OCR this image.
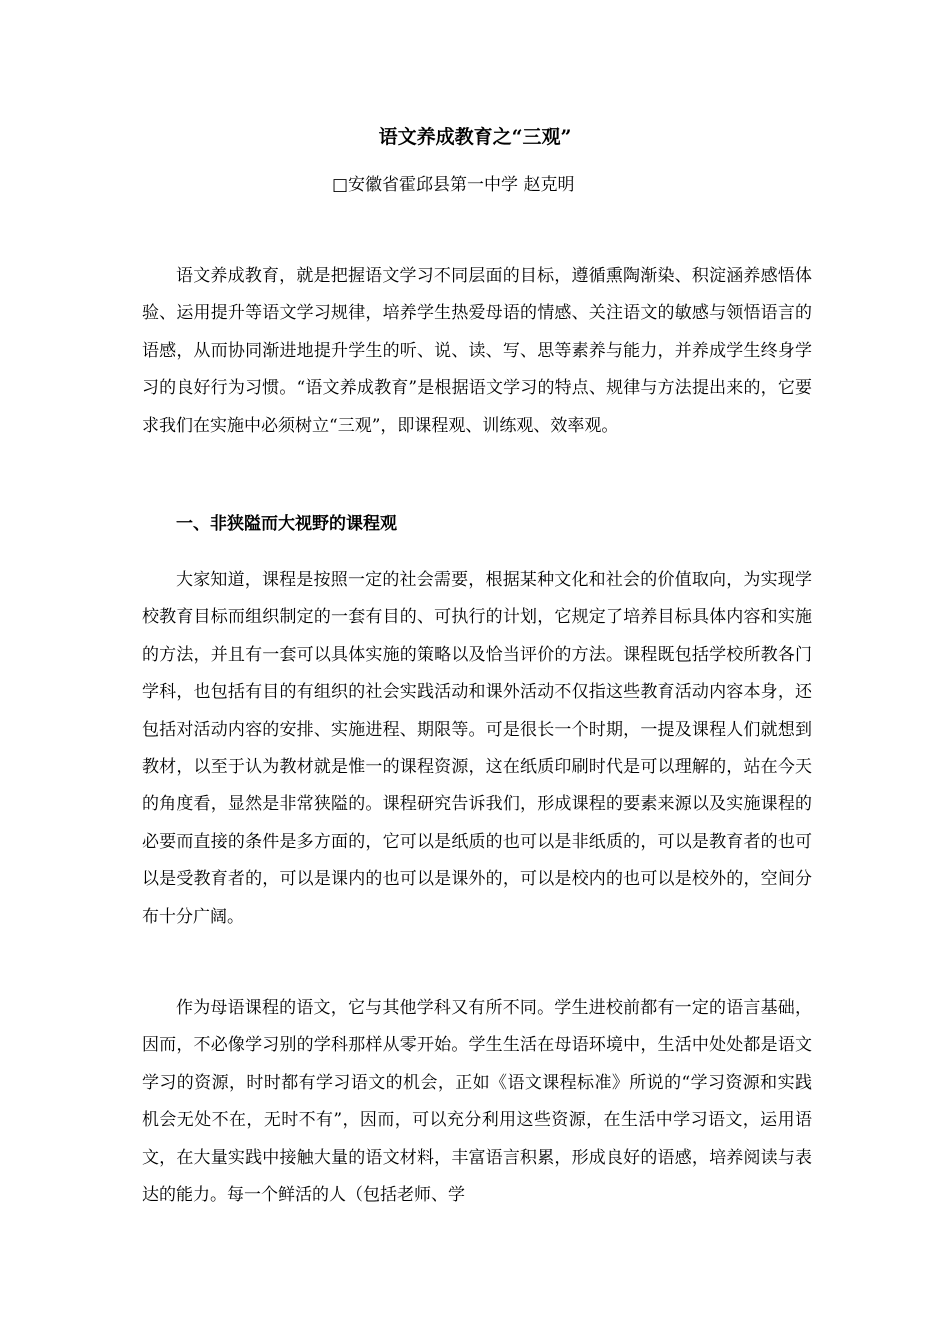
语文养成教育之“三观”
□安徽省霍邱县第一中学 赵克明

语文养成教育，就是把握语文学习不同层面的目标，遵循熏陶渐染、积淀涵养感悟体验、运用提升等语文学习规律，培养学生热爱母语的情感、关注语文的敏感与领悟语言的语感，从而协同渐进地提升学生的听、说、读、写、思等素养与能力，并养成学生终身学习的良好行为习惯。“语文养成教育”是根据语文学习的特点、规律与方法提出来的，它要求我们在实施中必须树立“三观”，即课程观、训练观、效率观。

一、非狭隘而大视野的课程观

大家知道，课程是按照一定的社会需要，根据某种文化和社会的价值取向，为实现学校教育目标而组织制定的一套有目的、可执行的计划，它规定了培养目标具体内容和实施的方法，并且有一套可以具体实施的策略以及恰当评价的方法。课程既包括学校所教各门学科，也包括有目的有组织的社会实践活动和课外活动不仅指这些教育活动内容本身，还包括对活动内容的安排、实施进程、期限等。可是很长一个时期，一提及课程人们就想到教材，以至于认为教材就是惟一的课程资源，这在纸质印刷时代是可以理解的，站在今天的角度看，显然是非常狭隘的。课程研究告诉我们，形成课程的要素来源以及实施课程的必要而直接的条件是多方面的，它可以是纸质的也可以是非纸质的，可以是教育者的也可以是受教育者的，可以是课内的也可以是课外的，可以是校内的也可以是校外的，空间分布十分广阔。

作为母语课程的语文，它与其他学科又有所不同。学生进校前都有一定的语言基础，因而，不必像学习别的学科那样从零开始。学生生活在母语环境中，生活中处处都是语文学习的资源，时时都有学习语文的机会，正如《语文课程标准》所说的“学习资源和实践机会无处不在，无时不有”，因而，可以充分利用这些资源，在生活中学习语文，运用语文，在大量实践中接触大量的语文材料，丰富语言积累，形成良好的语感，培养阅读与表达的能力。每一个鲜活的人（包括老师、学
